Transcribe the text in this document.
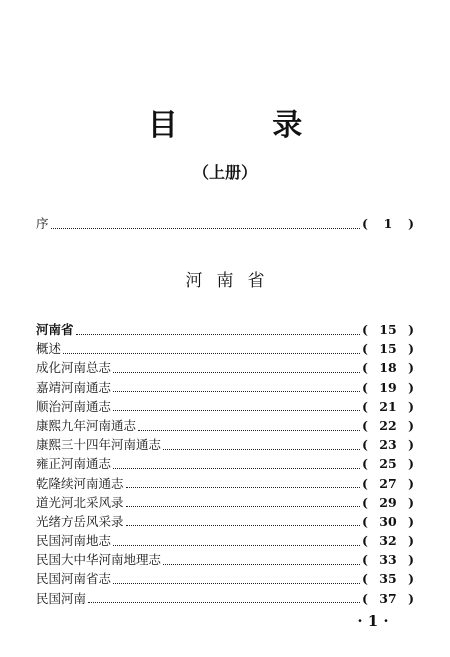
目 录
（上册）
序	(	1	)
河南省
河南省	( 15 )
概述	( 15 )
成化河南总志	( 18 )
嘉靖河南通志	( 19 )
顺治河南通志	( 21 )
康熙九年河南通志	( 22 )
康熙三十四年河南通志	( 23 )
雍正河南通志	( 25 )
乾隆续河南通志	( 27 )
道光河北采风录	( 29 )
光绪方岳风采录	( 30 )
民国河南地志	( 32 )
民国大中华河南地理志	( 33 )
民国河南省志	( 35 )
民国河南	( 37 )
· 1 ·
